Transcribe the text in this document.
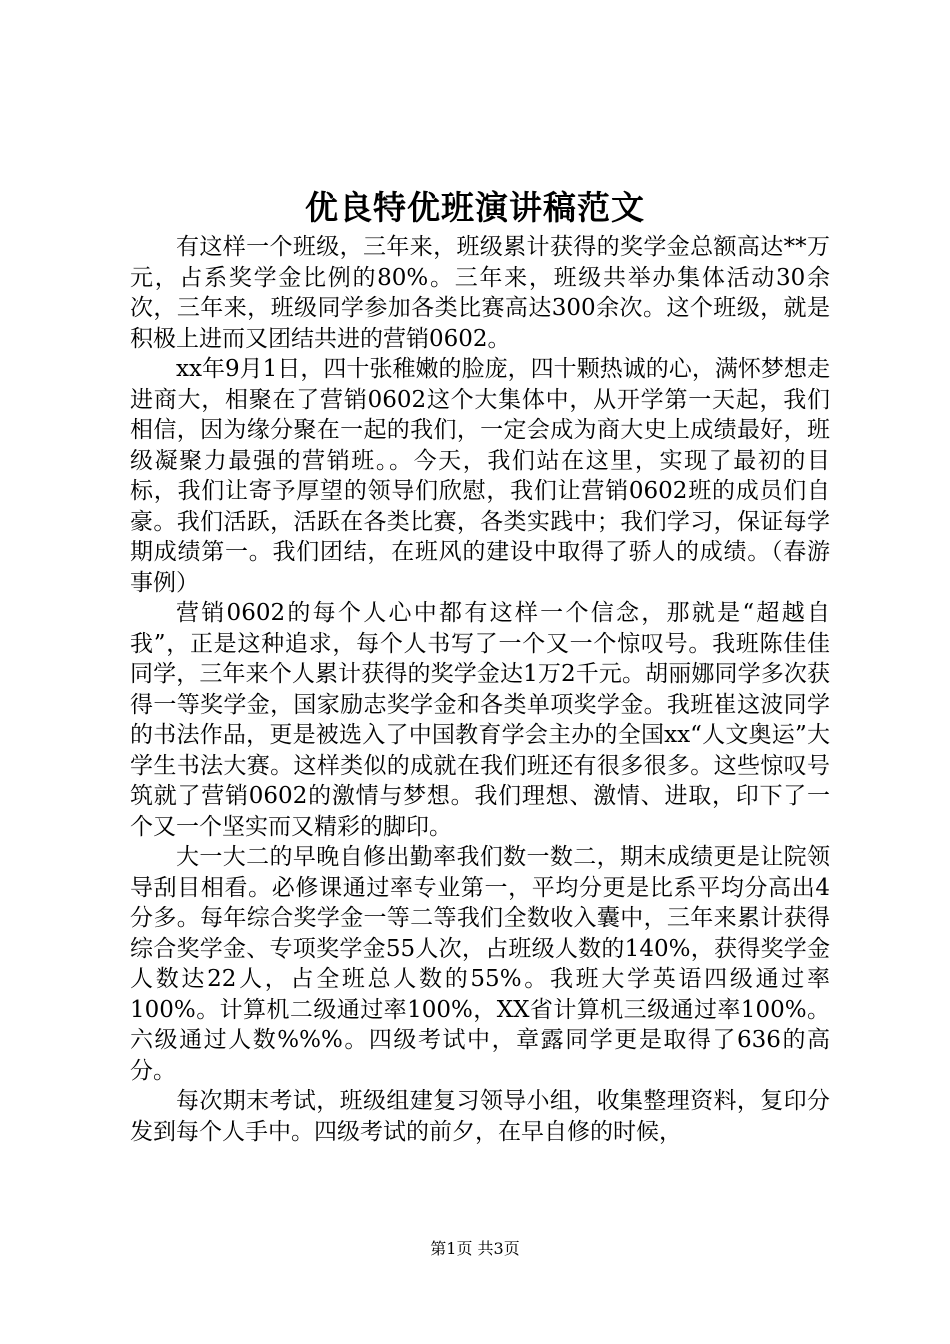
优良特优班演讲稿范文

有这样一个班级，三年来，班级累计获得的奖学金总额高达**万元，占系奖学金比例的80%。三年来，班级共举办集体活动30余次，三年来，班级同学参加各类比赛高达300余次。这个班级，就是积极上进而又团结共进的营销0602。

xx年9月1日，四十张稚嫩的脸庞，四十颗热诚的心，满怀梦想走进商大，相聚在了营销0602这个大集体中，从开学第一天起，我们相信，因为缘分聚在一起的我们，一定会成为商大史上成绩最好，班级凝聚力最强的营销班。。今天，我们站在这里，实现了最初的目标，我们让寄予厚望的领导们欣慰，我们让营销0602班的成员们自豪。我们活跃，活跃在各类比赛，各类实践中；我们学习，保证每学期成绩第一。我们团结，在班风的建设中取得了骄人的成绩。（春游事例）

营销0602的每个人心中都有这样一个信念，那就是“超越自我”，正是这种追求，每个人书写了一个又一个惊叹号。我班陈佳佳同学，三年来个人累计获得的奖学金达1万2千元。胡丽娜同学多次获得一等奖学金，国家励志奖学金和各类单项奖学金。我班崔这波同学的书法作品，更是被选入了中国教育学会主办的全国xx“人文奥运”大学生书法大赛。这样类似的成就在我们班还有很多很多。这些惊叹号筑就了营销0602的激情与梦想。我们理想、激情、进取，印下了一个又一个坚实而又精彩的脚印。

大一大二的早晚自修出勤率我们数一数二，期末成绩更是让院领导刮目相看。必修课通过率专业第一，平均分更是比系平均分高出4分多。每年综合奖学金一等二等我们全数收入囊中，三年来累计获得综合奖学金、专项奖学金55人次，占班级人数的140%，获得奖学金人数达22人，占全班总人数的55%。我班大学英语四级通过率100%。计算机二级通过率100%，XX省计算机三级通过率100%。六级通过人数%%%。四级考试中，章露同学更是取得了636的高分。

每次期末考试，班级组建复习领导小组，收集整理资料，复印分发到每个人手中。四级考试的前夕，在早自修的时候，

第1页 共3页
